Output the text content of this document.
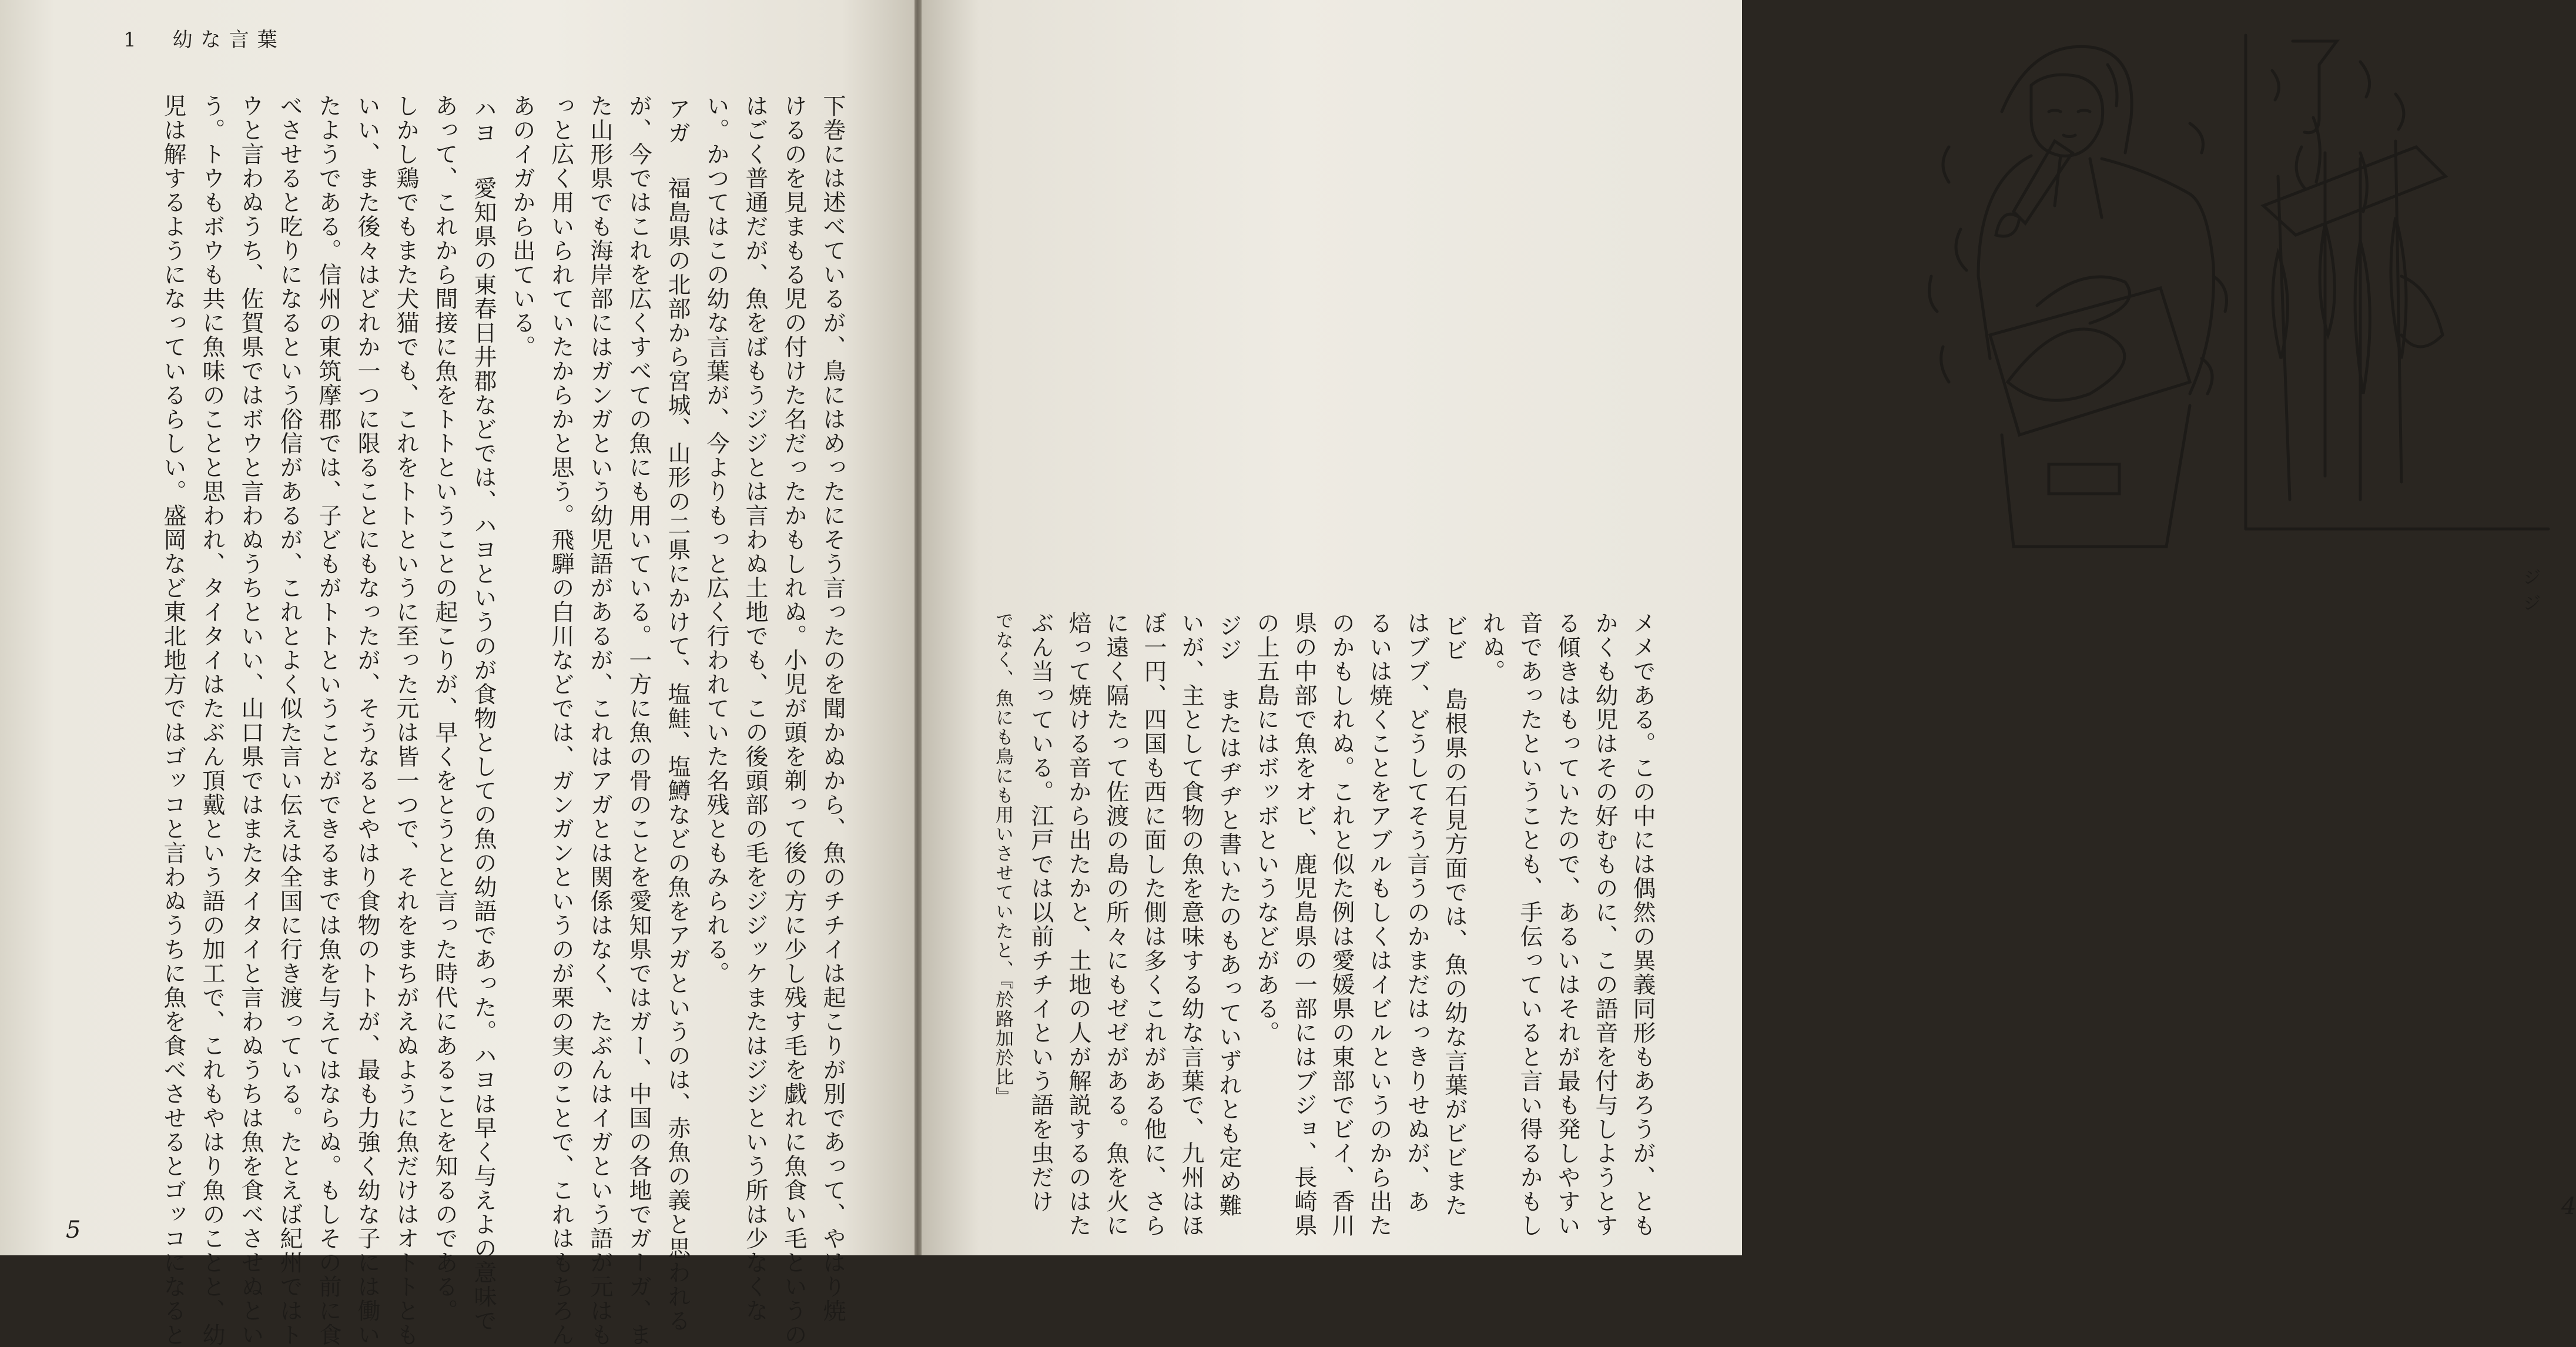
1　幼な言葉
下巻には述べているが、鳥にはめったにそう言ったのを聞かぬから、魚のチチイは起こりが別であって、やはり焼
けるのを見まもる児の付けた名だったかもしれぬ。小児が頭を剃って後の方に少し残す毛を戯れに魚食い毛というの
はごく普通だが、魚をばもうジジとは言わぬ土地でも、この後頭部の毛をジジッケまたはジジという所は少なくな
い。かつてはこの幼な言葉が、今よりもっと広く行われていた名残ともみられる。
アガ
福島県の北部から宮城、山形の二県にかけて、塩鮭、塩鱒などの魚をアガというのは、赤魚の義と思われる
が、今ではこれを広くすべての魚にも用いている。一方に魚の骨のことを愛知県ではガー、中国の各地でガーガ、ま
た山形県でも海岸部にはガンガという幼児語があるが、これはアガとは関係はなく、たぶんはイガという語が元はも
っと広く用いられていたからかと思う。飛騨の白川などでは、ガンガンというのが栗の実のことで、これはもちろん
あのイガから出ている。
ハヨ
愛知県の東春日井郡などでは、ハヨというのが食物としての魚の幼語であった。ハヨは早く与えよの意味で
あって、これから間接に魚をトトということの起こりが、早くをとうとと言った時代にあることを知るのである。
しかし鶏でもまた犬猫でも、これをトトというに至った元は皆一つで、それをまちがえぬように魚だけはオトトとも
いい、また後々はどれか一つに限ることにもなったが、そうなるとやはり食物のトトが、最も力強く幼な子には働い
たようである。信州の東筑摩郡では、子どもがトトということができるまでは魚を与えてはならぬ。もしその前に食
べさせると吃りになるという俗信があるが、これとよく似た言い伝えは全国に行き渡っている。たとえば紀州ではト
ウと言わぬうち、佐賀県ではボウと言わぬうちといい、山口県ではまたタイタイと言わぬうちは魚を食べさせぬとい
う。トウもボウも共に魚味のことと思われ、タイタイはたぶん頂戴という語の加工で、これもやはり魚のことと、幼
児は解するようになっているらしい。盛岡など東北地方ではゴッコと言わぬうちに魚を食べさせるとゴッコになると
5
ジジ
メメである。この中には偶然の異義同形もあろうが、とも
かくも幼児はその好むものに、この語音を付与しようとす
る傾きはもっていたので、あるいはそれが最も発しやすい
音であったということも、手伝っていると言い得るかもし
れぬ。
ビビ
島根県の石見方面では、魚の幼な言葉がビビまた
はブブ、どうしてそう言うのかまだはっきりせぬが、あ
るいは焼くことをアブルもしくはイビルというのから出た
のかもしれぬ。これと似た例は愛媛県の東部でビイ、香川
県の中部で魚をオビ、鹿児島県の一部にはブジョ、長崎県
の上五島にはボッボというなどがある。
ジジ
またはヂヂと書いたのもあっていずれとも定め難
いが、主として食物の魚を意味する幼な言葉で、九州はほ
ぼ一円、四国も西に面した側は多くこれがある他に、さら
に遠く隔たって佐渡の島の所々にもゼゼがある。魚を火に
焙って焼ける音から出たかと、土地の人が解説するのはた
ぶん当っている。江戸では以前チチイという語を虫だけ
でなく、魚にも鳥にも用いさせていたと、『於路加於比』
4
